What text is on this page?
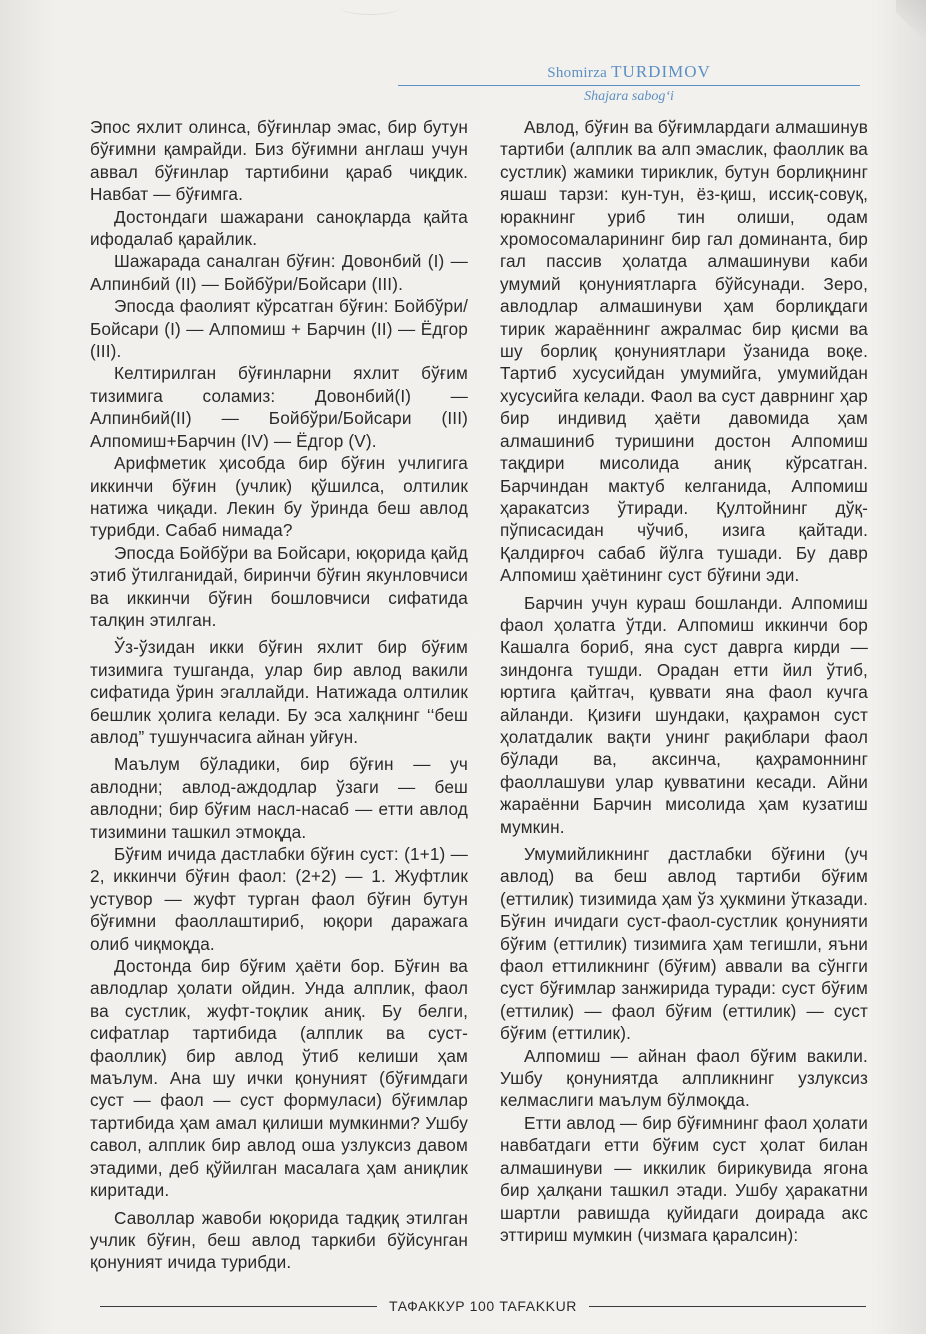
Shomirza TURDIMOV
Shajara sabog‘i

Эпос яхлит олинса, бўғинлар эмас, бир бутун бўғимни қамрайди. Биз бўғимни англаш учун аввал бўғинлар тартибини қараб чиқдик. Навбат — бўғимга.

Достондаги шажарани саноқларда қайта ифодалаб қарайлик.

Шажарада саналган бўғин: Довонбий (I) — Алпинбий (II) — Бойбўри/Бойсари (III).

Эпосда фаолият кўрсатган бўғин: Бойбўри/Бойсари (I) — Алпомиш + Барчин (II) — Ёдгор (III).

Келтирилган бўғинларни яхлит бўғим тизимига соламиз: Довонбий(I) — Алпинбий(II) — Бойбўри/Бойсари (III) Алпомиш+Барчин (IV) — Ёдгор (V).

Арифметик ҳисобда бир бўғин учлигига иккинчи бўғин (учлик) қўшилса, олтилик натижа чиқади. Лекин бу ўринда беш авлод турибди. Сабаб нимада?

Эпосда Бойбўри ва Бойсари, юқорида қайд этиб ўтилганидай, биринчи бўғин якунловчиси ва иккинчи бўғин бошловчиси сифатида талқин этилган.

Ўз-ўзидан икки бўғин яхлит бир бўғим тизимига тушганда, улар бир авлод вакили сифатида ўрин эгаллайди. Натижада олтилик бешлик ҳолига келади. Бу эса халқнинг ‘‘беш авлод” тушунчасига айнан уйғун.

Маълум бўладики, бир бўғин — уч авлодни; авлод-аждодлар ўзаги — беш авлодни; бир бўғим насл-насаб — етти авлод тизимини ташкил этмоқда.

Бўғим ичида дастлабки бўғин суст: (1+1) — 2, иккинчи бўғин фаол: (2+2) — 1. Жуфтлик устувор — жуфт турган фаол бўғин бутун бўғимни фаоллаштириб, юқори даражага олиб чиқмоқда.

Достонда бир бўғим ҳаёти бор. Бўғин ва авлодлар ҳолати ойдин. Унда алплик, фаол ва сустлик, жуфт-тоқлик аниқ. Бу белги, сифатлар тартибида (алплик ва суст-фаоллик) бир авлод ўтиб келиши ҳам маълум. Ана шу ички қонуният (бўғимдаги суст — фаол — суст формуласи) бўғимлар тартибида ҳам амал қилиши мумкинми? Ушбу савол, алплик бир авлод оша узлуксиз давом этадими, деб қўйилган масалага ҳам аниқлик киритади.

Саволлар жавоби юқорида тадқиқ этилган учлик бўғин, беш авлод таркиби бўйсунган қонуният ичида турибди.

Авлод, бўғин ва бўғимлардаги алмашинув тартиби (алплик ва алп эмаслик, фаоллик ва сустлик) жамики тириклик, бутун борлиқнинг яшаш тарзи: кун-тун, ёз-қиш, иссиқ-совуқ, юракнинг уриб тин олиши, одам хромосомаларининг бир гал доминанта, бир гал пассив ҳолатда алмашинуви каби умумий қонуниятларга бўйсунади. Зеро, авлодлар алмашинуви ҳам борлиқдаги тирик жараённинг ажралмас бир қисми ва шу борлиқ қонуниятлари ўзанида воқе. Тартиб хусусийдан умумийга, умумийдан хусусийга келади. Фаол ва суст даврнинг ҳар бир индивид ҳаёти давомида ҳам алмашиниб туришини достон Алпомиш тақдири мисолида аниқ кўрсатган. Барчиндан мактуб келганида, Алпомиш ҳаракатсиз ўтиради. Қултойнинг дўқ-пўписасидан чўчиб, изига қайтади. Қалдирғоч сабаб йўлга тушади. Бу давр Алпомиш ҳаётининг суст бўғини эди.

Барчин учун кураш бошланди. Алпомиш фаол ҳолатга ўтди. Алпомиш иккинчи бор Кашалга бориб, яна суст даврга кирди — зиндонга тушди. Орадан етти йил ўтиб, юртига қайтгач, қуввати яна фаол кучга айланди. Қизиғи шундаки, қаҳрамон суст ҳолатдалик вақти унинг рақиблари фаол бўлади ва, аксинча, қаҳрамоннинг фаоллашуви улар қувватини кесади. Айни жараённи Барчин мисолида ҳам кузатиш мумкин.

Умумийликнинг дастлабки бўғини (уч авлод) ва беш авлод тартиби бўғим (еттилик) тизимида ҳам ўз ҳукмини ўтказади. Бўғин ичидаги суст-фаол-сустлик қонунияти бўғим (еттилик) тизимига ҳам тегишли, яъни фаол еттиликнинг (бўғим) аввали ва сўнгги суст бўғимлар занжирида туради: суст бўғим (еттилик) — фаол бўғим (еттилик) — суст бўғим (еттилик).

Алпомиш — айнан фаол бўғим вакили. Ушбу қонуниятда алпликнинг узлуксиз келмаслиги маълум бўлмоқда.

Етти авлод — бир бўғимнинг фаол ҳолати навбатдаги етти бўғим суст ҳолат билан алмашинуви — иккилик бирикувида ягона бир ҳалқани ташкил этади. Ушбу ҳаракатни шартли равишда қуйидаги доирада акс эттириш мумкин (чизмага қаралсин):

ТАФАККУР 100 TAFAKKUR
